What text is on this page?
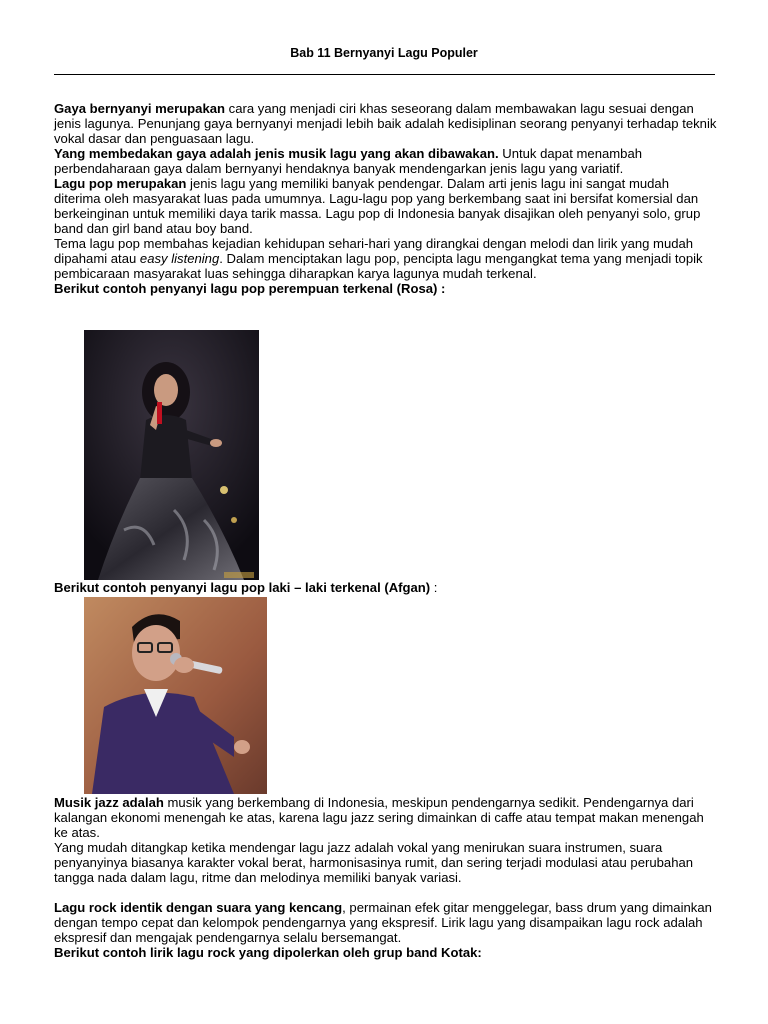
Bab 11 Bernyanyi Lagu Populer

Gaya bernyanyi merupakan cara yang menjadi ciri khas seseorang dalam membawakan lagu sesuai dengan jenis lagunya. Penunjang gaya bernyanyi menjadi lebih baik adalah kedisiplinan seorang penyanyi terhadap teknik vokal dasar dan penguasaan lagu.

Yang membedakan gaya adalah jenis musik lagu yang akan dibawakan. Untuk dapat menambah perbendaharaan gaya dalam bernyanyi hendaknya banyak mendengarkan jenis lagu yang variatif.

Lagu pop merupakan jenis lagu yang memiliki banyak pendengar. Dalam arti jenis lagu ini sangat mudah diterima oleh masyarakat luas pada umumnya. Lagu-lagu pop yang berkembang saat ini bersifat komersial dan berkeinginan untuk memiliki daya tarik massa. Lagu pop di Indonesia banyak disajikan oleh penyanyi solo, grup band dan girl band atau boy band.

Tema lagu pop membahas kejadian kehidupan sehari-hari yang dirangkai dengan melodi dan lirik yang mudah dipahami atau easy listening. Dalam menciptakan lagu pop, pencipta lagu mengangkat tema yang menjadi topik pembicaraan masyarakat luas sehingga diharapkan karya lagunya mudah terkenal.

Berikut contoh penyanyi lagu pop perempuan terkenal (Rosa) :

Berikut contoh penyanyi lagu pop laki – laki terkenal (Afgan) :

Musik jazz adalah musik yang berkembang di Indonesia, meskipun pendengarnya sedikit. Pendengarnya dari kalangan ekonomi menengah ke atas, karena lagu jazz sering dimainkan di caffe atau tempat makan menengah ke atas.

Yang mudah ditangkap ketika mendengar lagu jazz adalah vokal yang menirukan suara instrumen, suara penyanyinya biasanya karakter vokal berat, harmonisasinya rumit, dan sering terjadi modulasi atau perubahan tangga nada dalam lagu, ritme dan melodinya memiliki banyak variasi.

Lagu rock identik dengan suara yang kencang, permainan efek gitar menggelegar, bass drum yang dimainkan dengan tempo cepat dan kelompok pendengarnya yang ekspresif. Lirik lagu yang disampaikan lagu rock adalah ekspresif dan mengajak pendengarnya selalu bersemangat.

Berikut contoh lirik lagu rock yang dipolerkan oleh grup band Kotak:
